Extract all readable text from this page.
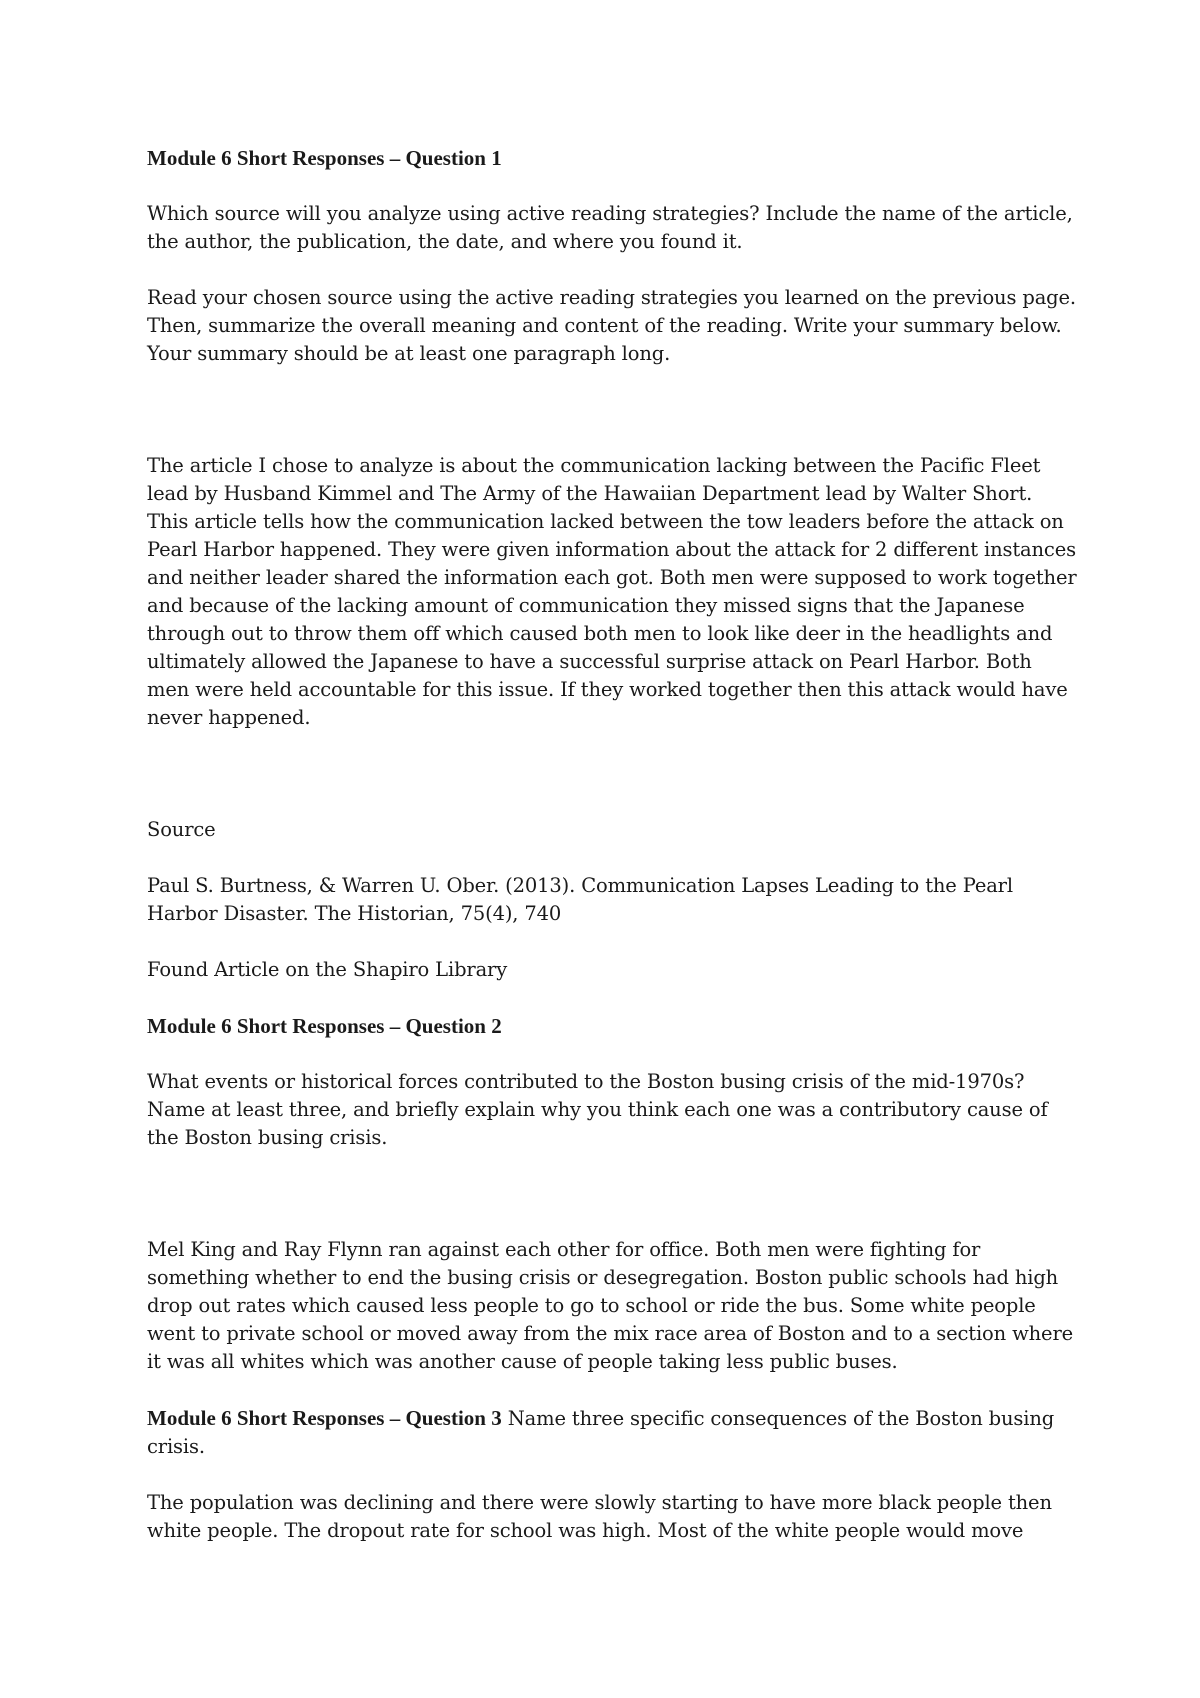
Module 6 Short Responses – Question 1

Which source will you analyze using active reading strategies? Include the name of the article, the author, the publication, the date, and where you found it.

Read your chosen source using the active reading strategies you learned on the previous page. Then, summarize the overall meaning and content of the reading. Write your summary below. Your summary should be at least one paragraph long.

The article I chose to analyze is about the communication lacking between the Pacific Fleet lead by Husband Kimmel and The Army of the Hawaiian Department lead by Walter Short. This article tells how the communication lacked between the tow leaders before the attack on Pearl Harbor happened. They were given information about the attack for 2 different instances and neither leader shared the information each got. Both men were supposed to work together and because of the lacking amount of communication they missed signs that the Japanese through out to throw them off which caused both men to look like deer in the headlights and ultimately allowed the Japanese to have a successful surprise attack on Pearl Harbor. Both men were held accountable for this issue. If they worked together then this attack would have never happened.

Source

Paul S. Burtness, & Warren U. Ober. (2013). Communication Lapses Leading to the Pearl Harbor Disaster. The Historian, 75(4), 740

Found Article on the Shapiro Library

Module 6 Short Responses – Question 2

What events or historical forces contributed to the Boston busing crisis of the mid-1970s? Name at least three, and briefly explain why you think each one was a contributory cause of the Boston busing crisis.

Mel King and Ray Flynn ran against each other for office. Both men were fighting for something whether to end the busing crisis or desegregation. Boston public schools had high drop out rates which caused less people to go to school or ride the bus. Some white people went to private school or moved away from the mix race area of Boston and to a section where it was all whites which was another cause of people taking less public buses.

Module 6 Short Responses – Question 3 Name three specific consequences of the Boston busing crisis.

The population was declining and there were slowly starting to have more black people then white people. The dropout rate for school was high. Most of the white people would move
